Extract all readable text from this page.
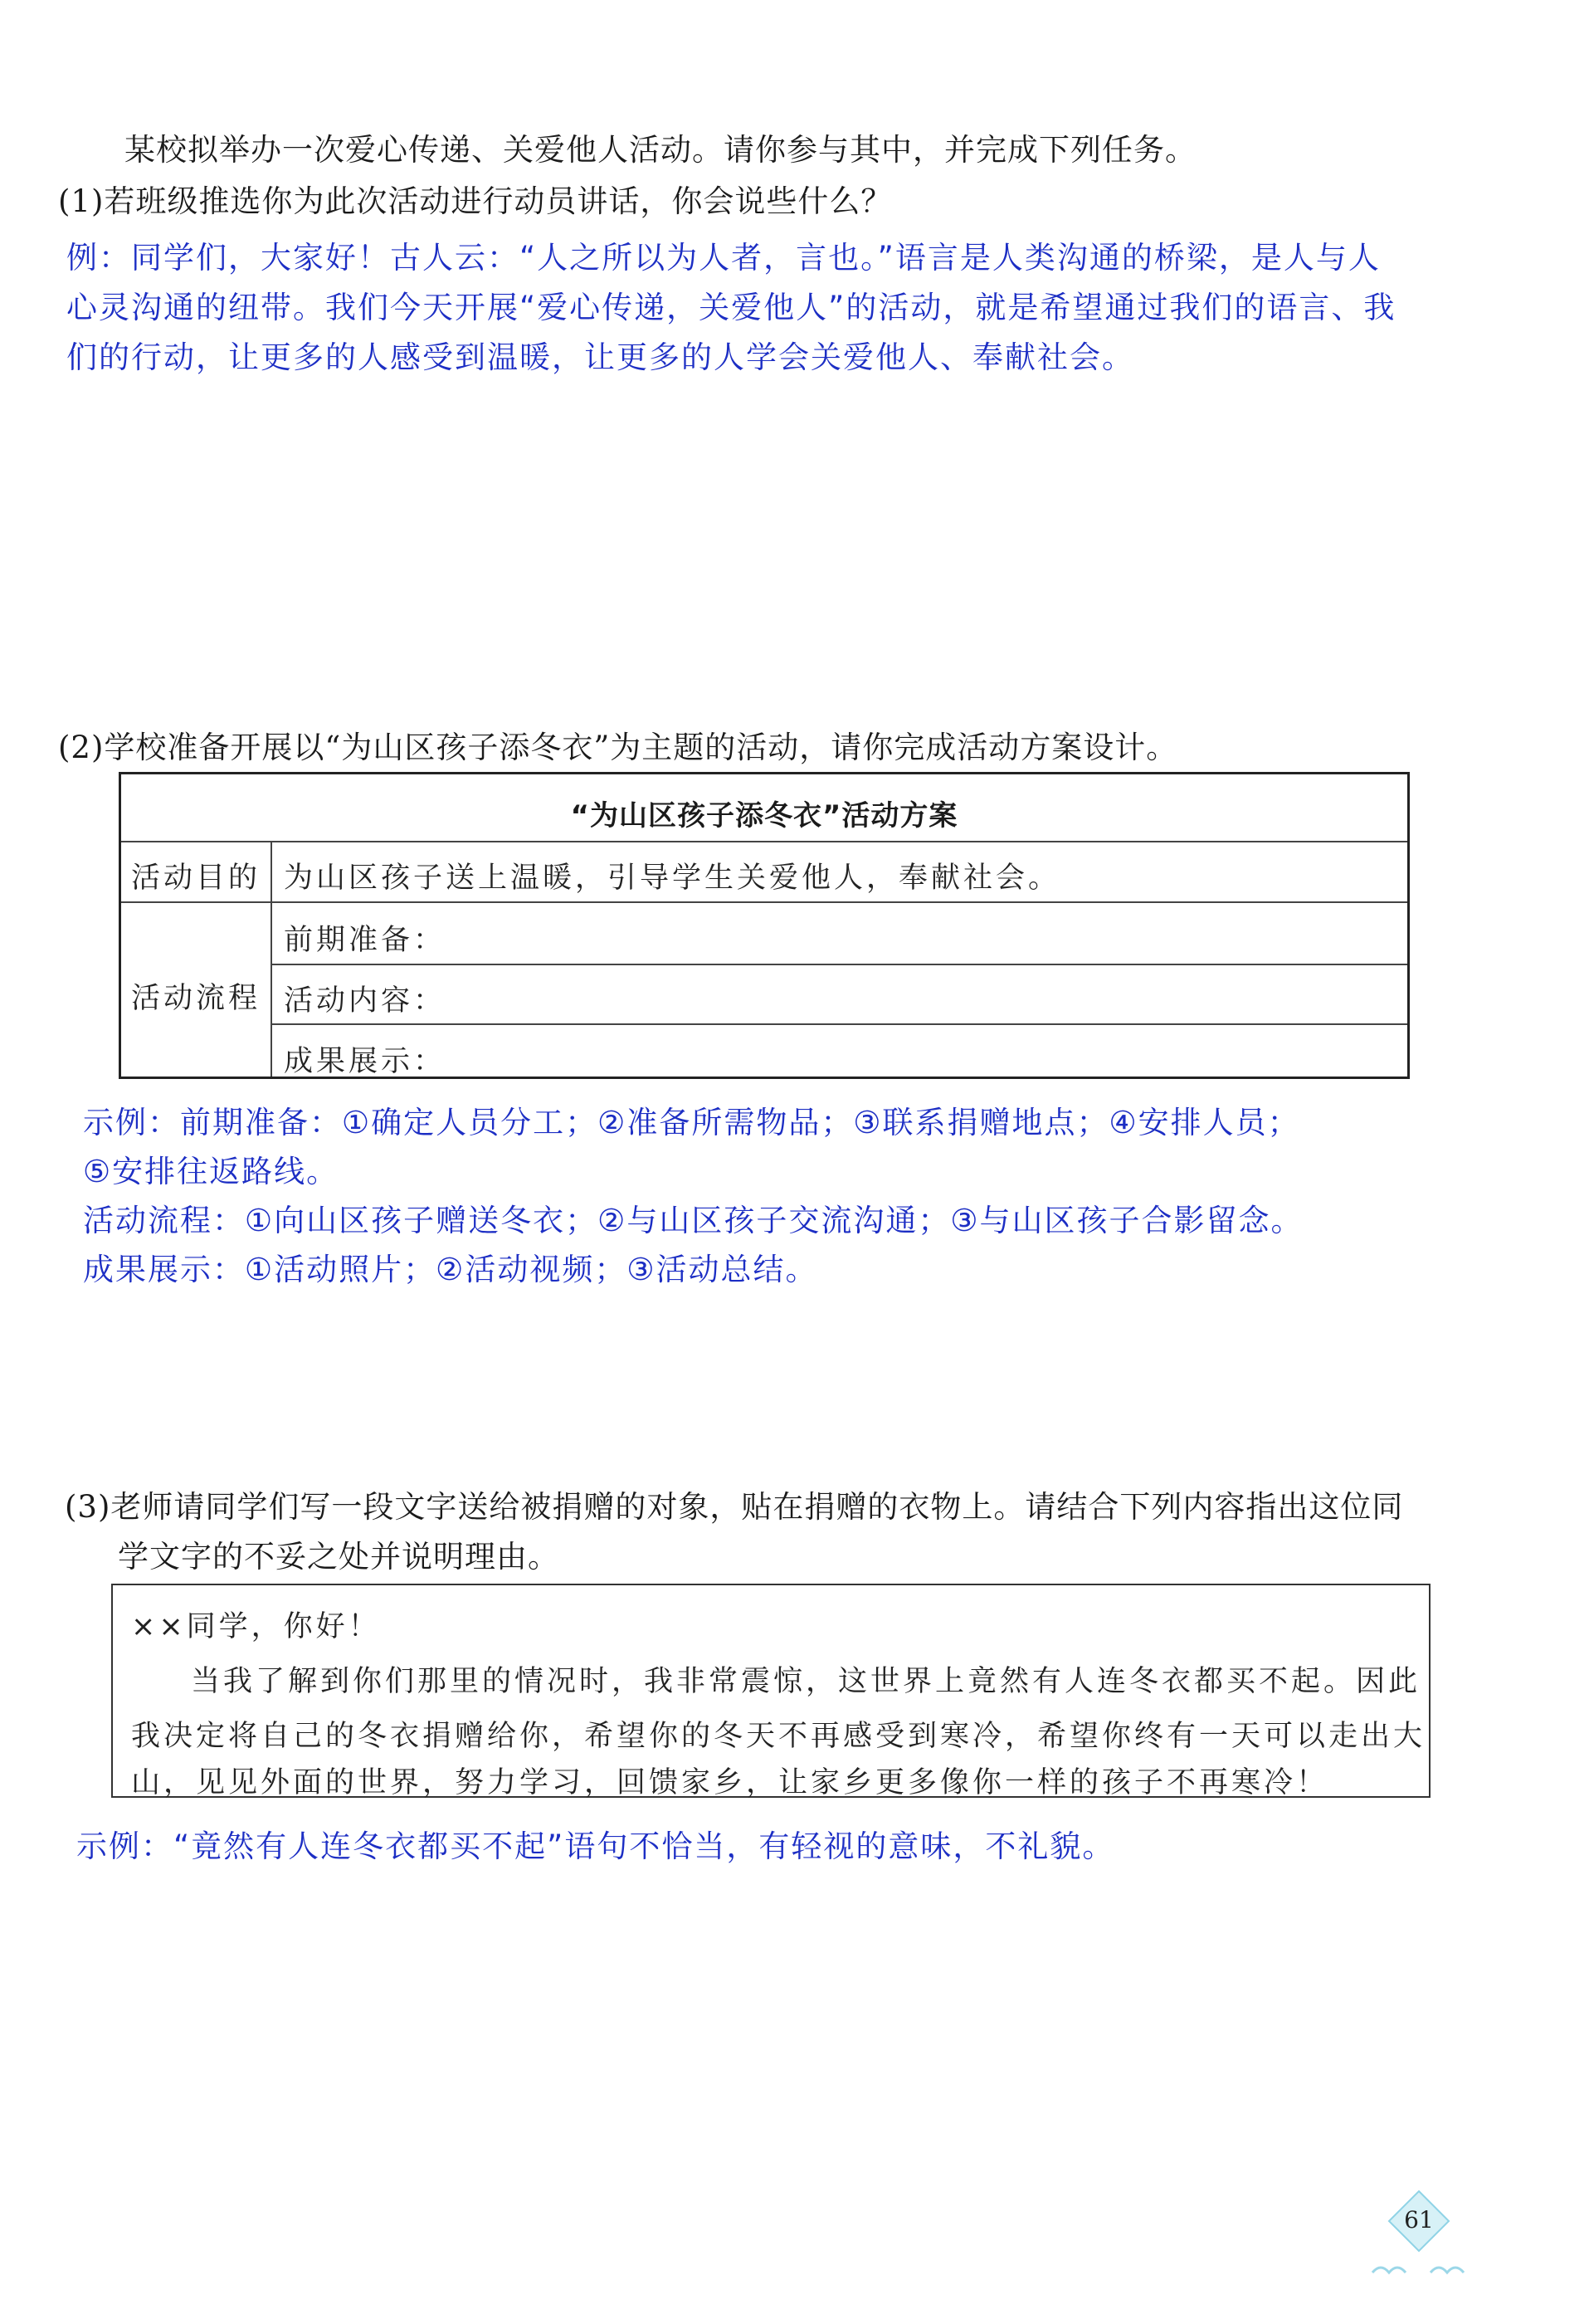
某校拟举办一次爱心传递、关爱他人活动。请你参与其中，并完成下列任务。
(1)若班级推选你为此次活动进行动员讲话，你会说些什么？
例：同学们，大家好！古人云：“人之所以为人者，言也。”语言是人类沟通的桥梁，是人与人
心灵沟通的纽带。我们今天开展“爱心传递，关爱他人”的活动，就是希望通过我们的语言、我
们的行动，让更多的人感受到温暖，让更多的人学会关爱他人、奉献社会。
(2)学校准备开展以“为山区孩子添冬衣”为主题的活动，请你完成活动方案设计。
“为山区孩子添冬衣”活动方案
活动目的 为山区孩子送上温暖，引导学生关爱他人，奉献社会。
活动流程
前期准备：
活动内容：
成果展示：
示例：前期准备：①确定人员分工；②准备所需物品；③联系捐赠地点；④安排人员；
⑤安排往返路线。
活动流程：①向山区孩子赠送冬衣；②与山区孩子交流沟通；③与山区孩子合影留念。
成果展示：①活动照片；②活动视频；③活动总结。
(3)老师请同学们写一段文字送给被捐赠的对象，贴在捐赠的衣物上。请结合下列内容指出这位同
学文字的不妥之处并说明理由。
××同学，你好！
当我了解到你们那里的情况时，我非常震惊，这世界上竟然有人连冬衣都买不起。因此
我决定将自己的冬衣捐赠给你，希望你的冬天不再感受到寒冷，希望你终有一天可以走出大
山，见见外面的世界，努力学习，回馈家乡，让家乡更多像你一样的孩子不再寒冷！
示例：“竟然有人连冬衣都买不起”语句不恰当，有轻视的意味，不礼貌。
61
